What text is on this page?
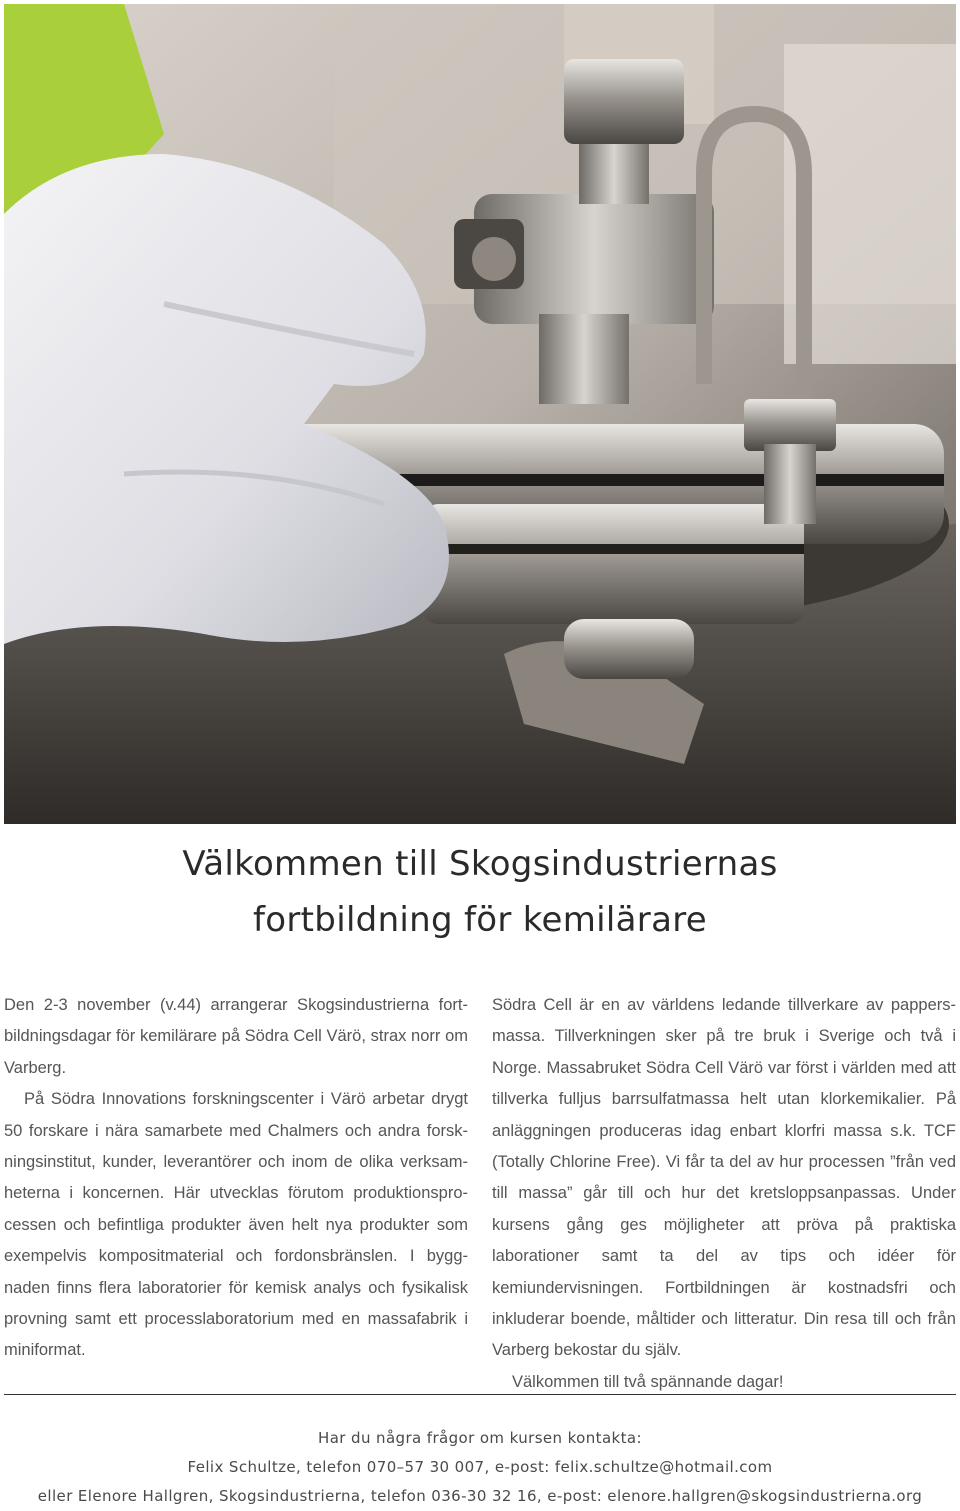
Välkommen till Skogsindustriernas
fortbildning för kemilärare

Den 2-3 november (v.44) arrangerar Skogsindustrierna fortbildningsdagar för kemilärare på Södra Cell Värö, strax norr om Varberg.

På Södra Innovations forskningscenter i Värö arbetar drygt 50 forskare i nära samarbete med Chalmers och andra forskningsinstitut, kunder, leverantörer och inom de olika verksamheterna i koncernen. Här utvecklas förutom produktionsprocessen och befintliga produkter även helt nya produkter som exempelvis kompositmaterial och fordonsbränslen. I byggnaden finns flera laboratorier för kemisk analys och fysikalisk provning samt ett processlaboratorium med en massafabrik i miniformat.

Södra Cell är en av världens ledande tillverkare av pappersmassa. Tillverkningen sker på tre bruk i Sverige och två i Norge. Massabruket Södra Cell Värö var först i världen med att tillverka fulljus barrsulfatmassa helt utan klorkemikalier. På anläggningen produceras idag enbart klorfri massa s.k. TCF (Totally Chlorine Free). Vi får ta del av hur processen ”från ved till massa” går till och hur det kretsloppsanpassas. Under kursens gång ges möjligheter att pröva på praktiska laborationer samt ta del av tips och idéer för kemiundervisningen. Fortbildningen är kostnadsfri och inkluderar boende, måltider och litteratur. Din resa till och från Varberg bekostar du själv.

Välkommen till två spännande dagar!

Har du några frågor om kursen kontakta:
Felix Schultze, telefon 070–57 30 007, e-post: felix.schultze@hotmail.com
eller Elenore Hallgren, Skogsindustrierna, telefon 036-30 32 16, e-post: elenore.hallgren@skogsindustrierna.org
